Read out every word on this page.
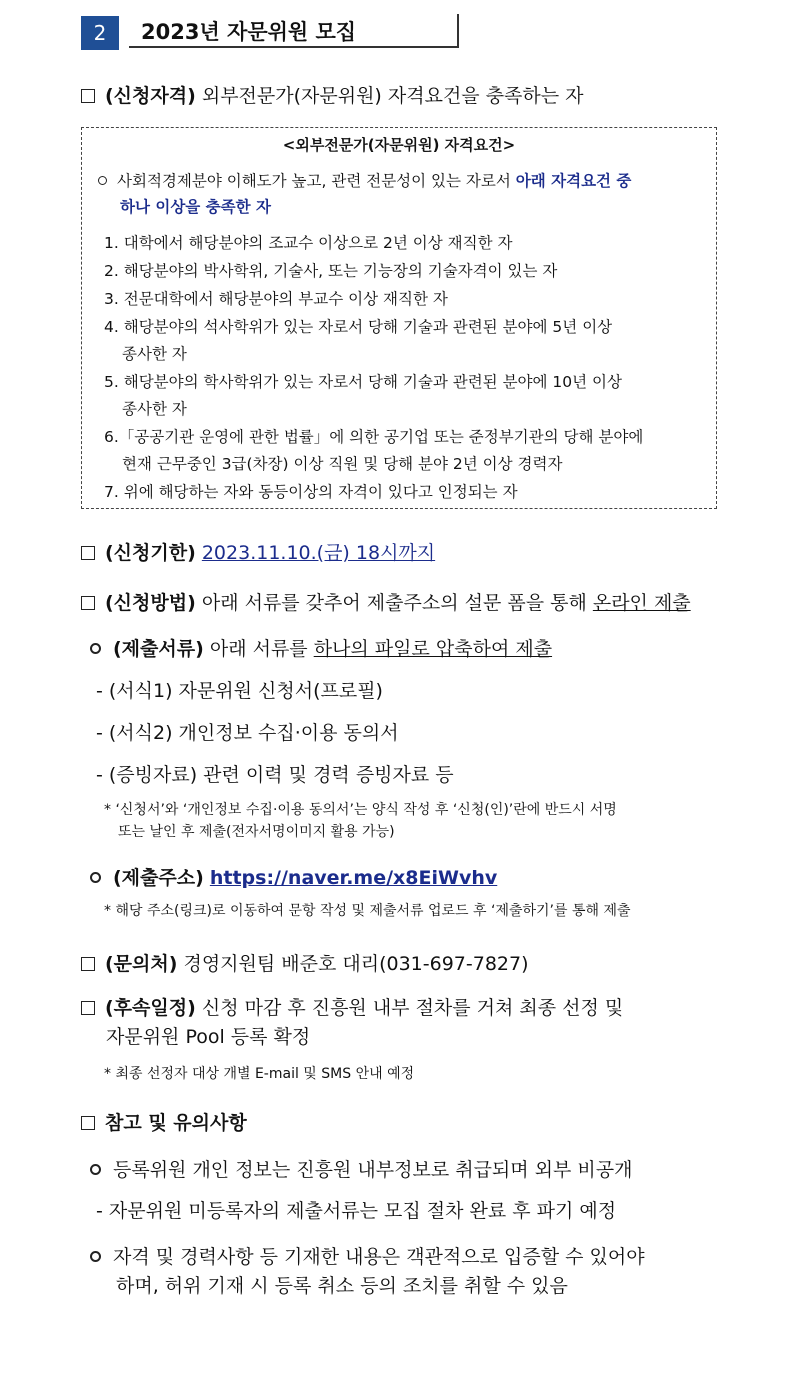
2	2023년 자문위원 모집
(신청자격) 외부전문가(자문위원) 자격요건을 충족하는 자
<외부전문가(자문위원) 자격요건>
사회적경제분야 이해도가 높고, 관련 전문성이 있는 자로서 아래 자격요건 중
하나 이상을 충족한 자
1. 대학에서 해당분야의 조교수 이상으로 2년 이상 재직한 자
2. 해당분야의 박사학위, 기술사, 또는 기능장의 기술자격이 있는 자
3. 전문대학에서 해당분야의 부교수 이상 재직한 자
4. 해당분야의 석사학위가 있는 자로서 당해 기술과 관련된 분야에 5년 이상
종사한 자
5. 해당분야의 학사학위가 있는 자로서 당해 기술과 관련된 분야에 10년 이상
종사한 자
6.「공공기관 운영에 관한 법률」에 의한 공기업 또는 준정부기관의 당해 분야에
현재 근무중인 3급(차장) 이상 직원 및 당해 분야 2년 이상 경력자
7. 위에 해당하는 자와 동등이상의 자격이 있다고 인정되는 자
(신청기한) 2023.11.10.(금) 18시까지
(신청방법) 아래 서류를 갖추어 제출주소의 설문 폼을 통해 온라인 제출
(제출서류) 아래 서류를 하나의 파일로 압축하여 제출
- (서식1) 자문위원 신청서(프로필)
- (서식2) 개인정보 수집·이용 동의서
- (증빙자료) 관련 이력 및 경력 증빙자료 등
* ‘신청서’와 ‘개인정보 수집·이용 동의서’는 양식 작성 후 ‘신청(인)’란에 반드시 서명
또는 날인 후 제출(전자서명이미지 활용 가능)
(제출주소) https://naver.me/x8EiWvhv
* 해당 주소(링크)로 이동하여 문항 작성 및 제출서류 업로드 후 ‘제출하기’를 통해 제출
(문의처) 경영지원팀 배준호 대리(031-697-7827)
(후속일정) 신청 마감 후 진흥원 내부 절차를 거쳐 최종 선정 및
자문위원 Pool 등록 확정
* 최종 선정자 대상 개별 E-mail 및 SMS 안내 예정
참고 및 유의사항
등록위원 개인 정보는 진흥원 내부정보로 취급되며 외부 비공개
- 자문위원 미등록자의 제출서류는 모집 절차 완료 후 파기 예정
자격 및 경력사항 등 기재한 내용은 객관적으로 입증할 수 있어야
하며, 허위 기재 시 등록 취소 등의 조치를 취할 수 있음
